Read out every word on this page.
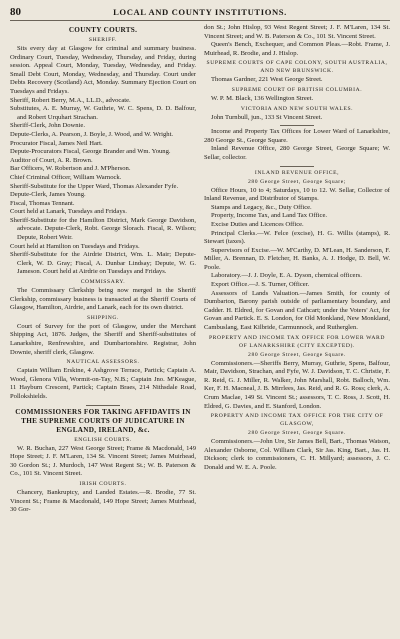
80	LOCAL AND COUNTY INSTITUTIONS.
COUNTY COURTS.
SHERIFF.

Sits every day at Glasgow for criminal and summary business. Ordinary Court, Tuesday, Wednesday, Thursday, and Friday, during session. Appeal Court, Monday, Tuesday, Wednesday, and Friday. Small Debt Court, Monday, Wednesday, and Thursday. Court under Debts Recovery (Scotland) Act, Monday. Summary Ejection Court on Tuesdays and Fridays.

Sheriff, Robert Berry, M.A., LL.D., advocate.

Substitutes, A. E. Murray, W. Guthrie, W. C. Spens, D. D. Balfour, and Robert Urquhart Strachan.

Sheriff-Clerk, John Downie.

Depute-Clerks, A. Pearson, J. Boyle, J. Wood, and W. Wright.

Procurator Fiscal, James Neil Hart.

Depute-Procurators Fiscal, George Brander and Wm. Young.

Auditor of Court, A. R. Brown.

Bar Officers, W. Robertson and J. M'Pherson.

Chief Criminal Officer, William Warnock.

Sheriff-Substitute for the Upper Ward, Thomas Alexander Fyfe.

Depute-Clerk, James Young.

Fiscal, Thomas Tennant.

Court held at Lanark, Tuesdays and Fridays.

Sheriff-Substitute for the Hamilton District, Mark George Davidson, advocate. Depute-Clerk, Robt. George Slorach. Fiscal, R. Wilson; Depute, Robert Weir.

Court held at Hamilton on Tuesdays and Fridays.

Sheriff-Substitute for the Airdrie District, Wm. L. Mair; Depute-Clerk, W. D. Gray; Fiscal, A. Dunbar Lindsay; Depute, W. G. Jameson. Court held at Airdrie on Tuesdays and Fridays.

COMMISSARY.

The Commissary Clerkship being now merged in the Sheriff Clerkship, commissary business is transacted at the Sheriff Courts of Glasgow, Hamilton, Airdrie, and Lanark, each for its own district.

SHIPPING.

Court of Survey for the port of Glasgow, under the Merchant Shipping Act, 1876. Judges, the Sheriff and Sheriff-substitutes of Lanarkshire, Renfrewshire, and Dumbartonshire. Registrar, John Downie, sheriff clerk, Glasgow.

NAUTICAL ASSESSORS.

Captain William Erskine, 4 Ashgrove Terrace, Partick; Captain A. Wood, Glenora Villa, Wormit-on-Tay, N.B.; Captain Jno. M'Keague, 11 Hayburn Crescent, Partick; Captain Braes, 214 Nithsdale Road, Pollokshields.

COMMISSIONERS FOR TAKING AFFIDAVITS IN THE SUPREME COURTS OF JUDICATURE IN ENGLAND, IRELAND, &c.
ENGLISH COURTS.

W. R. Buchan, 227 West George Street; Frame & Macdonald, 149 Hope Street; J. F. M'Laren, 134 St. Vincent Street; James Muirhead, 30 Gordon St.; J. Murdoch, 147 West Regent St.; W. B. Paterson & Co., 101 St. Vincent Street.

IRISH COURTS.

Chancery, Bankruptcy, and Landed Estates.—R. Brodie, 77 St. Vincent St.; Frame & Macdonald, 149 Hope Street; James Muirhead, 30 Gor-

don St.; John Hislop, 93 West Regent Street; J. F. M'Laren, 134 St. Vincent Street; and W. B. Paterson & Co., 101 St. Vincent Street.

Queen's Bench, Exchequer, and Common Pleas.—Robt. Frame, J. Muirhead, R. Brodie, and J. Hislop.

SUPREME COURTS OF CAPE COLONY, SOUTH AUSTRALIA, AND NEW BRUNSWICK.

Thomas Gardner, 221 West George Street.

SUPREME COURT OF BRITISH COLUMBIA.

W. P. M. Black, 136 Wellington Street.

VICTORIA AND NEW SOUTH WALES.

John Turnbull, jun., 133 St Vincent Street.

Income and Property Tax Offices for Lower Ward of Lanarkshire, 280 George St., George Square.

Inland Revenue Office, 280 George Street, George Square; W. Sellar, collector.

INLAND REVENUE OFFICE,
280 George Street, George Square;

Office Hours, 10 to 4; Saturdays, 10 to 12. W. Sellar, Collector of Inland Revenue, and Distributor of Stamps.

Stamps and Legacy, &c., Duty Office.

Property, Income Tax, and Land Tax Office.

Excise Duties and Licences Office.

Principal Clerks.—W. Felce (excise), H. G. Willis (stamps), R. Stewart (taxes).

Supervisors of Excise.—W. M'Carthy, D. M'Lean, H. Sanderson, F. Miller, A. Brennan, D. Fletcher, H. Banks, A. J. Hodge, D. Bell, W. Poole.

Laboratory.—J. J. Doyle, E. A. Dyson, chemical officers.

Export Office.—J. S. Turner, Officer.

Assessors of Lands Valuation.—James Smith, for county of Dumbarton, Barony parish outside of parliamentary boundary, and Cadder. H. Eldred, for Govan and Cathcart; under the Voters' Act, for Govan and Partick. E. S. London, for Old Monkland, New Monkland, Cambuslang, East Kilbride, Carmunnock, and Rutherglen.

PROPERTY AND INCOME TAX OFFICE FOR LOWER WARD OF LANARKSHIRE (CITY EXCEPTED).
280 George Street, George Square.

Commissioners.—Sheriffs Berry, Murray, Guthrie, Spens, Balfour, Mair, Davidson, Strachan, and Fyfe, W. J. Davidson, T. C. Christie, F. R. Reid, G. J. Miller, R. Walker, John Marshall, Robt. Balloch, Wm. Ker, F. H. Macneal, J. B. Mirrlees, Jas. Reid, and R. G. Ross; clerk, A. Crum Maclae, 149 St. Vincent St.; assessors, T. C. Ross, J. Scott, H. Eldred, G. Davies, and E. Stanford, London.

PROPERTY AND INCOME TAX OFFICE FOR THE CITY OF GLASGOW,
280 George Street, George Square.

Commissioners.—John Ure, Sir James Bell, Bart., Thomas Watson, Alexander Osborne, Col. William Clark, Sir Jas. King, Bart., Jas. H. Dickson; clerk to commissioners, C. H. Millyard; assessors, J. C. Donald and W. E. A. Poole.
